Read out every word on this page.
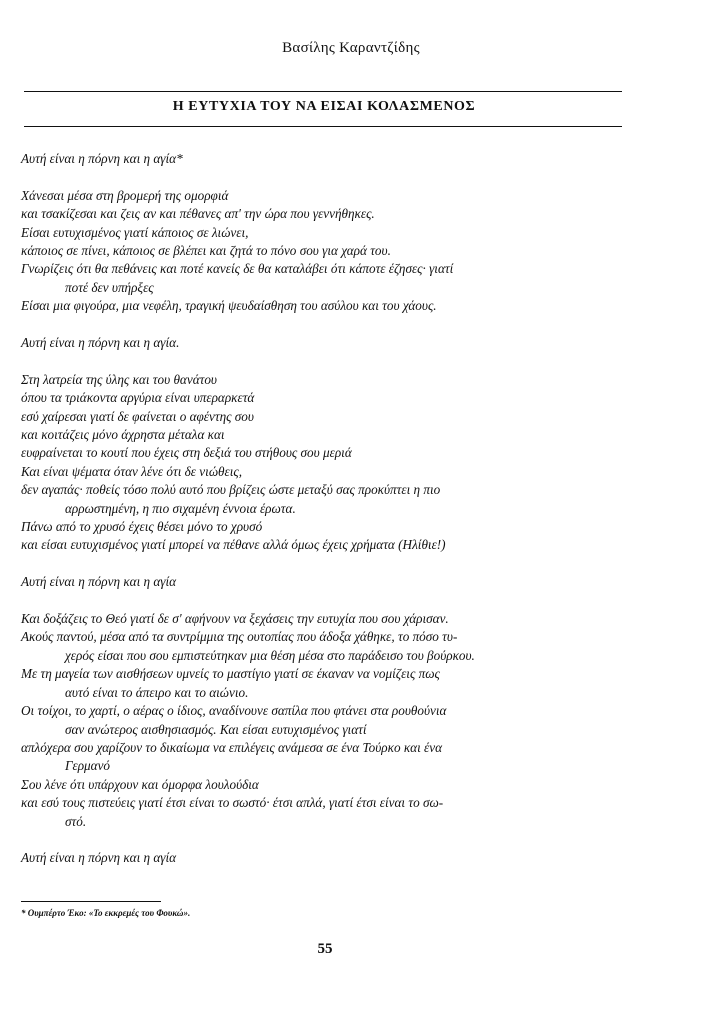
Βασίλης Καραντζίδης
Η ΕΥΤΥΧΙΑ ΤΟΥ ΝΑ ΕΙΣΑΙ ΚΟΛΑΣΜΕΝΟΣ
Αυτή είναι η πόρνη και η αγία*
Χάνεσαι μέσα στη βρομερή της ομορφιά
και τσακίζεσαι και ζεις αν και πέθανες απ' την ώρα που γεννήθηκες.
Είσαι ευτυχισμένος γιατί κάποιος σε λιώνει,
κάποιος σε πίνει, κάποιος σε βλέπει και ζητά το πόνο σου για χαρά του.
Γνωρίζεις ότι θα πεθάνεις και ποτέ κανείς δε θα καταλάβει ότι κάποτε έζησες· γιατί
ποτέ δεν υπήρξες
Είσαι μια φιγούρα, μια νεφέλη, τραγική ψευδαίσθηση του ασύλου και του χάους.
Αυτή είναι η πόρνη και η αγία.
Στη λατρεία της ύλης και του θανάτου
όπου τα τριάκοντα αργύρια είναι υπεραρκετά
εσύ χαίρεσαι γιατί δε φαίνεται ο αφέντης σου
και κοιτάζεις μόνο άχρηστα μέταλα και
ευφραίνεται το κουτί που έχεις στη δεξιά του στήθους σου μεριά
Και είναι ψέματα όταν λένε ότι δε νιώθεις,
δεν αγαπάς· ποθείς τόσο πολύ αυτό που βρίζεις ώστε μεταξύ σας προκύπτει η πιο
αρρωστημένη, η πιο σιχαμένη έννοια έρωτα.
Πάνω από το χρυσό έχεις θέσει μόνο το χρυσό
και είσαι ευτυχισμένος γιατί μπορεί να πέθανε αλλά όμως έχεις χρήματα (Ηλίθιε!)
Αυτή είναι η πόρνη και η αγία
Και δοξάζεις το Θεό γιατί δε σ' αφήνουν να ξεχάσεις την ευτυχία που σου χάρισαν.
Ακούς παντού, μέσα από τα συντρίμμια της ουτοπίας που άδοξα χάθηκε, το πόσο τυ-
χερός είσαι που σου εμπιστεύτηκαν μια θέση μέσα στο παράδεισο του βούρκου.
Με τη μαγεία των αισθήσεων υμνείς το μαστίγιο γιατί σε έκαναν να νομίζεις πως
αυτό είναι το άπειρο και το αιώνιο.
Οι τοίχοι, το χαρτί, ο αέρας ο ίδιος, αναδίνουνε σαπίλα που φτάνει στα ρουθούνια
σαν ανώτερος αισθησιασμός. Και είσαι ευτυχισμένος γιατί
απλόχερα σου χαρίζουν το δικαίωμα να επιλέγεις ανάμεσα σε ένα Τούρκο και ένα
Γερμανό
Σου λένε ότι υπάρχουν και όμορφα λουλούδια
και εσύ τους πιστεύεις γιατί έτσι είναι το σωστό· έτσι απλά, γιατί έτσι είναι το σω-
στό.
Αυτή είναι η πόρνη και η αγία
* Ουμπέρτο Έκο: «Το εκκρεμές του Φουκώ».
55
